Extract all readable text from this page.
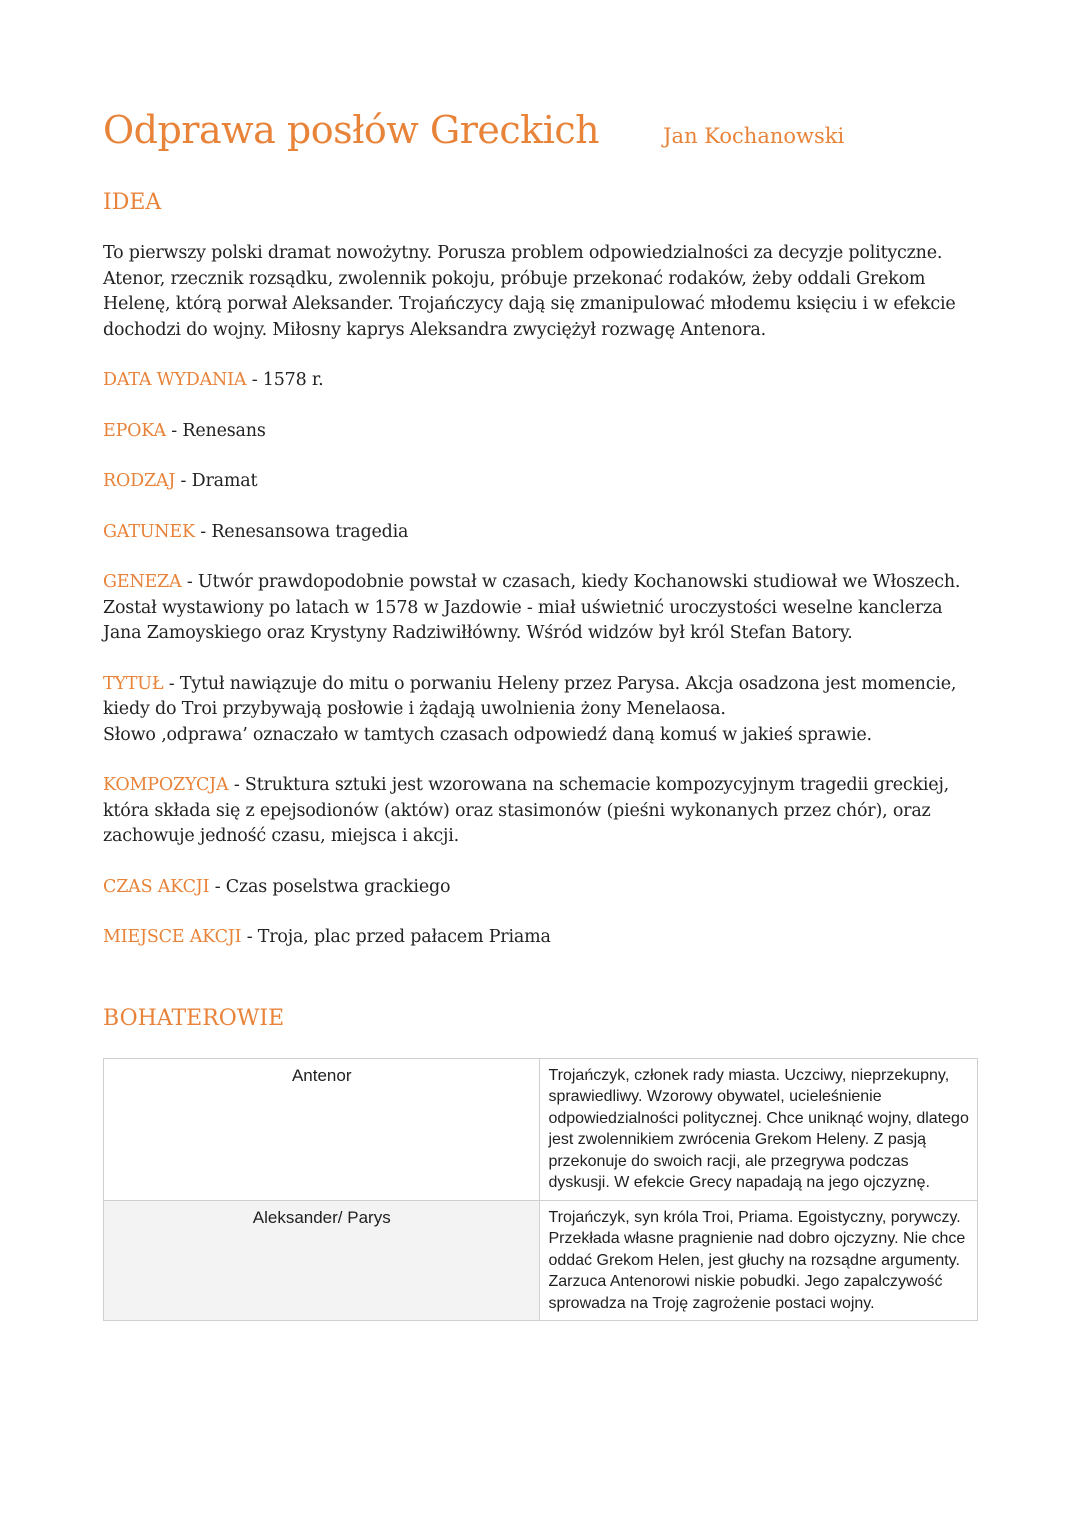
Odprawa posłów Greckich	Jan Kochanowski
IDEA
To pierwszy polski dramat nowożytny. Porusza problem odpowiedzialności za decyzje polityczne. Atenor, rzecznik rozsądku, zwolennik pokoju, próbuje przekonać rodaków, żeby oddali Grekom Helenę, którą porwał Aleksander. Trojańczycy dają się zmanipulować młodemu księciu i w efekcie dochodzi do wojny. Miłosny kaprys Aleksandra zwyciężył rozwagę Antenora.
DATA WYDANIA - 1578 r.
EPOKA - Renesans
RODZAJ - Dramat
GATUNEK - Renesansowa tragedia
GENEZA - Utwór prawdopodobnie powstał w czasach, kiedy Kochanowski studiował we Włoszech. Został wystawiony po latach w 1578 w Jazdowie - miał uświetnić uroczystości weselne kanclerza Jana Zamoyskiego oraz Krystyny Radziwiłłówny. Wśród widzów był król Stefan Batory.
TYTUŁ - Tytuł nawiązuje do mitu o porwaniu Heleny przez Parysa. Akcja osadzona jest momencie, kiedy do Troi przybywają posłowie i żądają uwolnienia żony Menelaosa.
Słowo ‚odprawa’ oznaczało w tamtych czasach odpowiedź daną komuś w jakieś sprawie.
KOMPOZYCJA - Struktura sztuki jest wzorowana na schemacie kompozycyjnym tragedii greckiej, która składa się z epejsodionów (aktów) oraz stasimonów (pieśni wykonanych przez chór), oraz zachowuje jedność czasu, miejsca i akcji.
CZAS AKCJI - Czas poselstwa grackiego
MIEJSCE AKCJI - Troja, plac przed pałacem Priama
BOHATEROWIE
Antenor	Trojańczyk, członek rady miasta. Uczciwy, nieprzekupny, sprawiedliwy. Wzorowy obywatel, ucieleśnienie odpowiedzialności politycznej. Chce uniknąć wojny, dlatego jest zwolennikiem zwrócenia Grekom Heleny. Z pasją przekonuje do swoich racji, ale przegrywa podczas dyskusji. W efekcie Grecy napadają na jego ojczyznę.
Aleksander/ Parys	Trojańczyk, syn króla Troi, Priama. Egoistyczny, porywczy. Przekłada własne pragnienie nad dobro ojczyzny. Nie chce oddać Grekom Helen, jest głuchy na rozsądne argumenty. Zarzuca Antenorowi niskie pobudki. Jego zapalczywość sprowadza na Troję zagrożenie postaci wojny.
